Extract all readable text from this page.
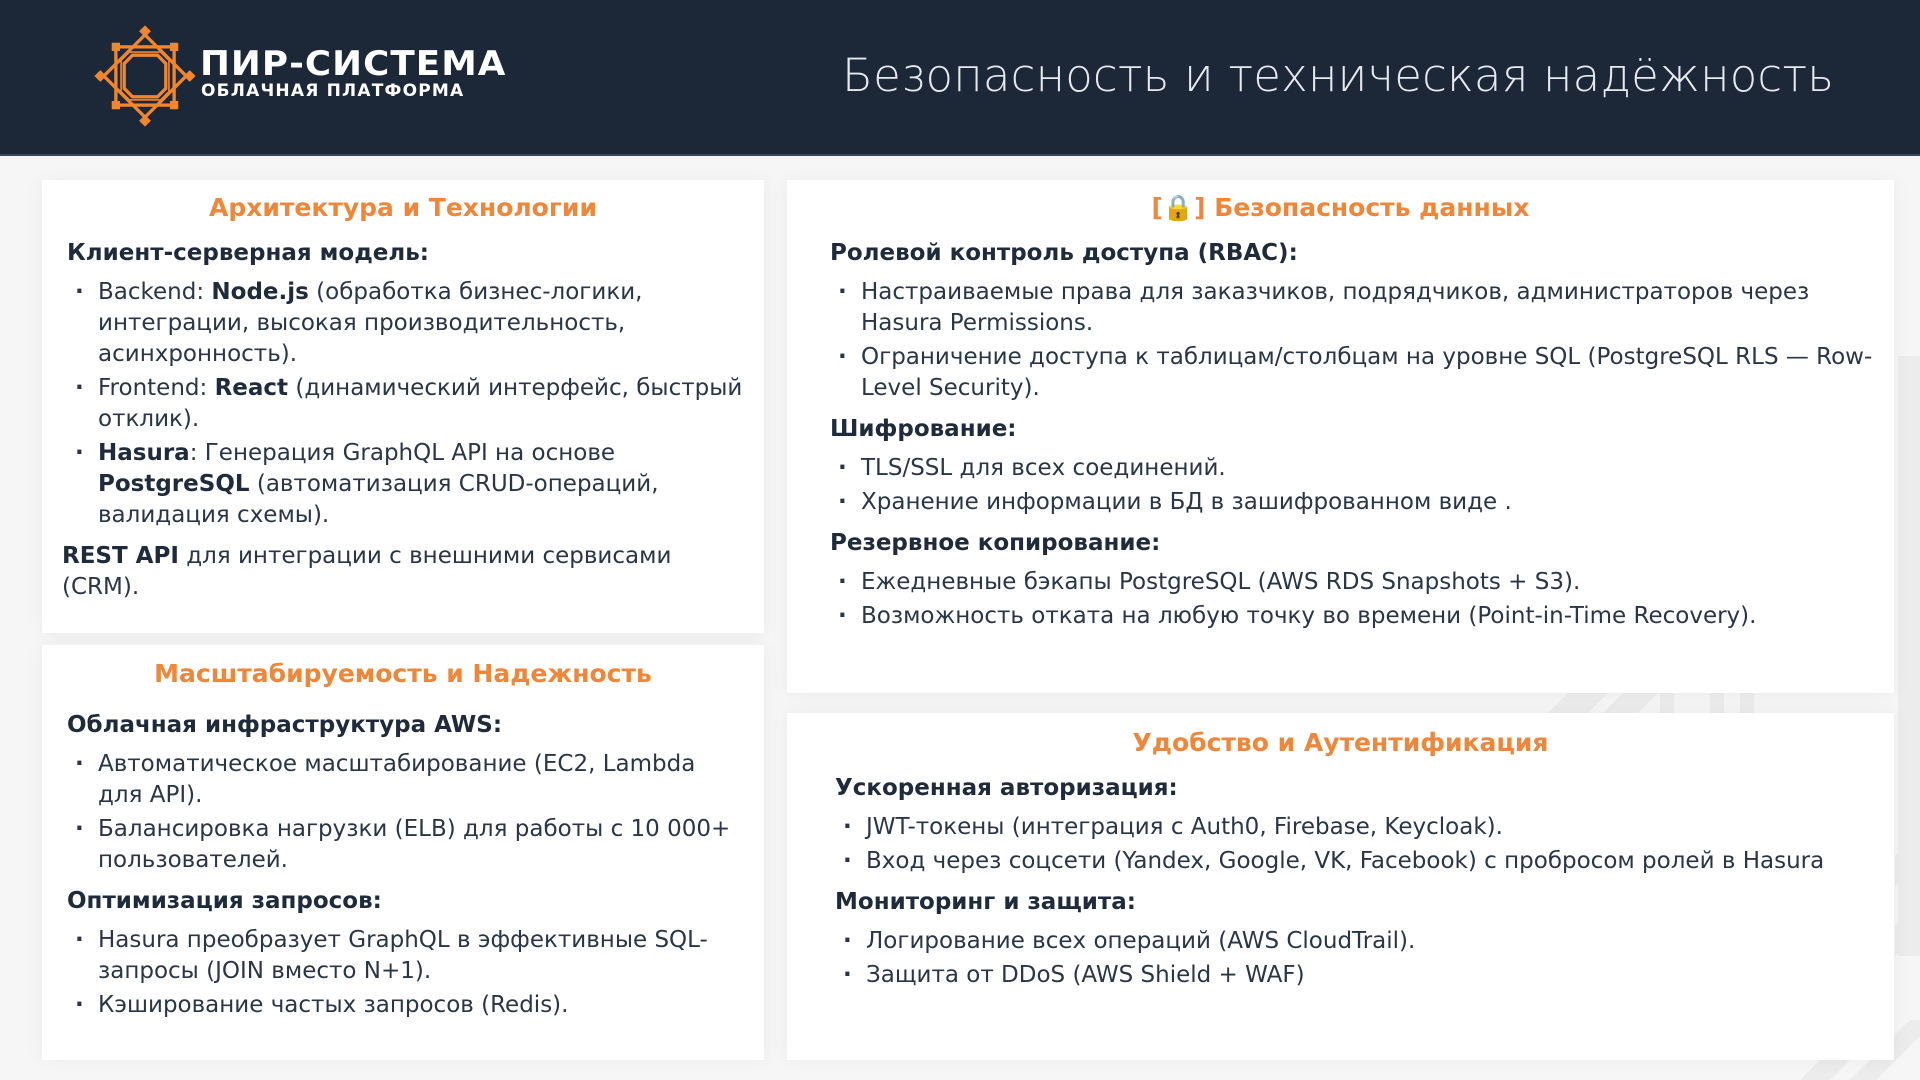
ПИР-СИСТЕМА
ОБЛАЧНАЯ ПЛАТФОРМА	Безопасность и техническая надёжность
Архитектура и Технологии
Клиент-серверная модель:
· Backend: Node.js (обработка бизнес-логики, интеграции, высокая производительность, асинхронность).
· Frontend: React (динамический интерфейс, быстрый отклик).
· Hasura: Генерация GraphQL API на основе PostgreSQL (автоматизация CRUD-операций, валидация схемы).
REST API для интеграции с внешними сервисами (CRM).
Масштабируемость и Надежность
Облачная инфраструктура AWS:
· Автоматическое масштабирование (EC2, Lambda для API).
· Балансировка нагрузки (ELB) для работы с 10 000+ пользователей.
Оптимизация запросов:
· Hasura преобразует GraphQL в эффективные SQL-запросы (JOIN вместо N+1).
· Кэширование частых запросов (Redis).
[🔒] Безопасность данных
Ролевой контроль доступа (RBAC):
· Настраиваемые права для заказчиков, подрядчиков, администраторов через Hasura Permissions.
· Ограничение доступа к таблицам/столбцам на уровне SQL (PostgreSQL RLS — Row-Level Security).
Шифрование:
· TLS/SSL для всех соединений.
· Хранение информации в БД в зашифрованном виде .
Резервное копирование:
· Ежедневные бэкапы PostgreSQL (AWS RDS Snapshots + S3).
· Возможность отката на любую точку во времени (Point-in-Time Recovery).
Удобство и Аутентификация
Ускоренная авторизация:
· JWT-токены (интеграция с Auth0, Firebase, Keycloak).
· Вход через соцсети (Yandex, Google, VK, Facebook) с пробросом ролей в Hasura
Мониторинг и защита:
· Логирование всех операций (AWS CloudTrail).
· Защита от DDoS (AWS Shield + WAF)
